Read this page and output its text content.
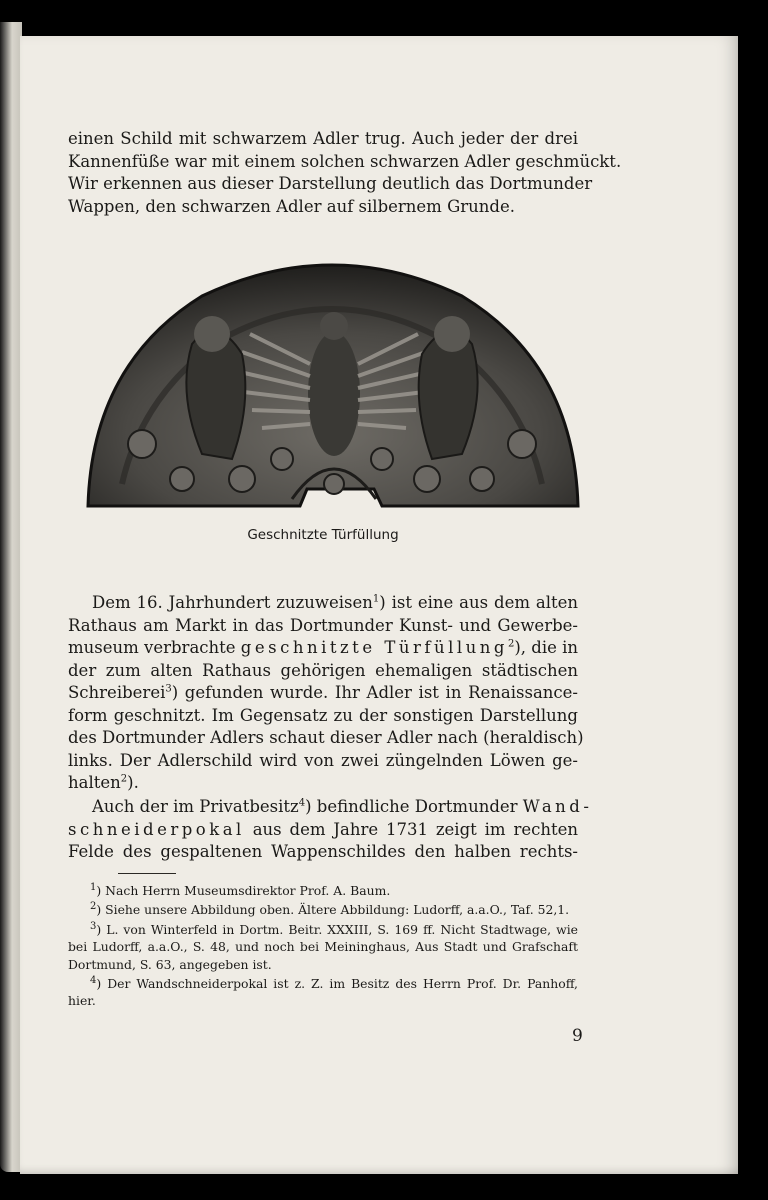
einen Schild mit schwarzem Adler trug. Auch jeder der drei
Kannenfüße war mit einem solchen schwarzen Adler geschmückt.
Wir erkennen aus dieser Darstellung deutlich das Dortmunder
Wappen, den schwarzen Adler auf silbernem Grunde.
Geschnitzte Türfüllung
Dem 16. Jahrhundert zuzuweisen$^1$) ist eine aus dem alten
Rathaus am Markt in das Dortmunder Kunst- und Gewerbe-
museum verbrachte geschnitzte Türfüllung$^2$), die in
der zum alten Rathaus gehörigen ehemaligen städtischen
Schreiberei$^3$) gefunden wurde. Ihr Adler ist in Renaissance-
form geschnitzt. Im Gegensatz zu der sonstigen Darstellung
des Dortmunder Adlers schaut dieser Adler nach (heraldisch)
links. Der Adlerschild wird von zwei züngelnden Löwen ge-
halten$^2$).
Auch der im Privatbesitz$^4$) befindliche Dortmunder Wand-
schneiderpokal aus dem Jahre 1731 zeigt im rechten
Felde des gespaltenen Wappenschildes den halben rechts-

$^1$) Nach Herrn Museumsdirektor Prof. A. Baum.

$^2$) Siehe unsere Abbildung oben. Ältere Abbildung: Ludorff, a.a.O., Taf. 52,1.

$^3$) L. von Winterfeld in Dortm. Beitr. XXXIII, S. 169 ff. Nicht Stadtwage, wie bei Ludorff, a.a.O., S. 48, und noch bei Meininghaus, Aus Stadt und Grafschaft Dortmund, S. 63, angegeben ist.

$^4$) Der Wandschneiderpokal ist z. Z. im Besitz des Herrn Prof. Dr. Panhoff, hier.

9
